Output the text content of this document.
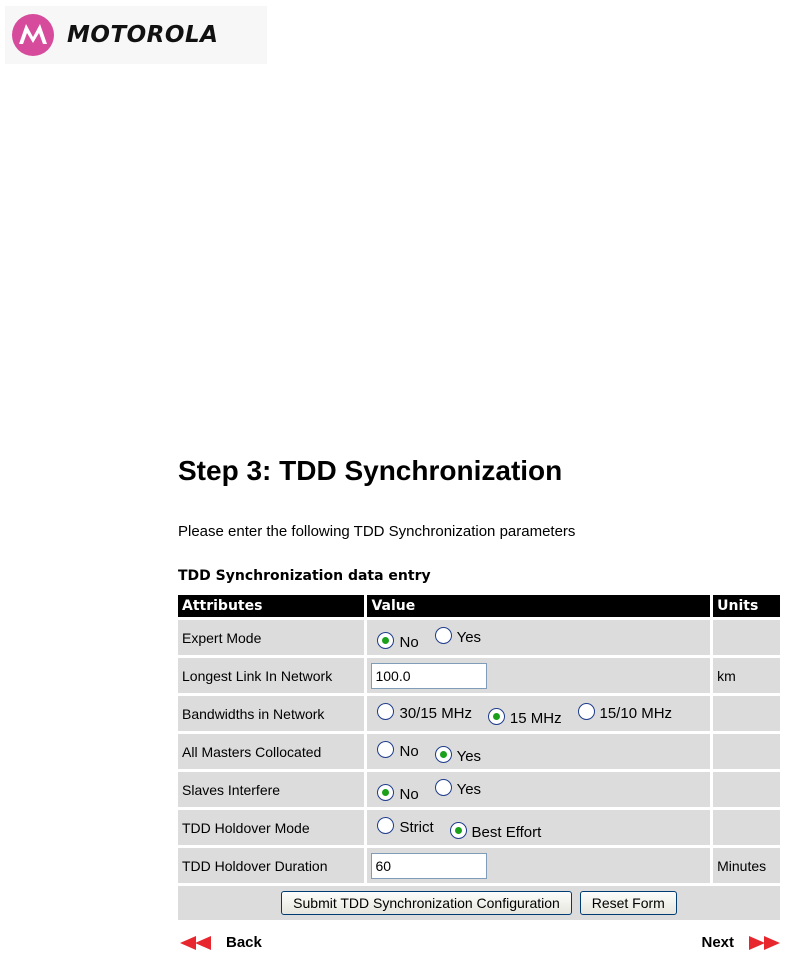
MOTOROLA
Step 3: TDD Synchronization
Please enter the following TDD Synchronization parameters
TDD Synchronization data entry
Attributes	Value	Units
Expert Mode	No
Yes	

Longest Link In Network	100.0	km
Bandwidths in Network	30/15 MHz
15 MHz
15/10 MHz	

All Masters Collocated	No
Yes	

Slaves Interfere	No
Yes	

TDD Holdover Mode	Strict
Best Effort	

TDD Holdover Duration	60	Minutes
Submit TDD Synchronization Configuration Reset Form		
Back	Next
